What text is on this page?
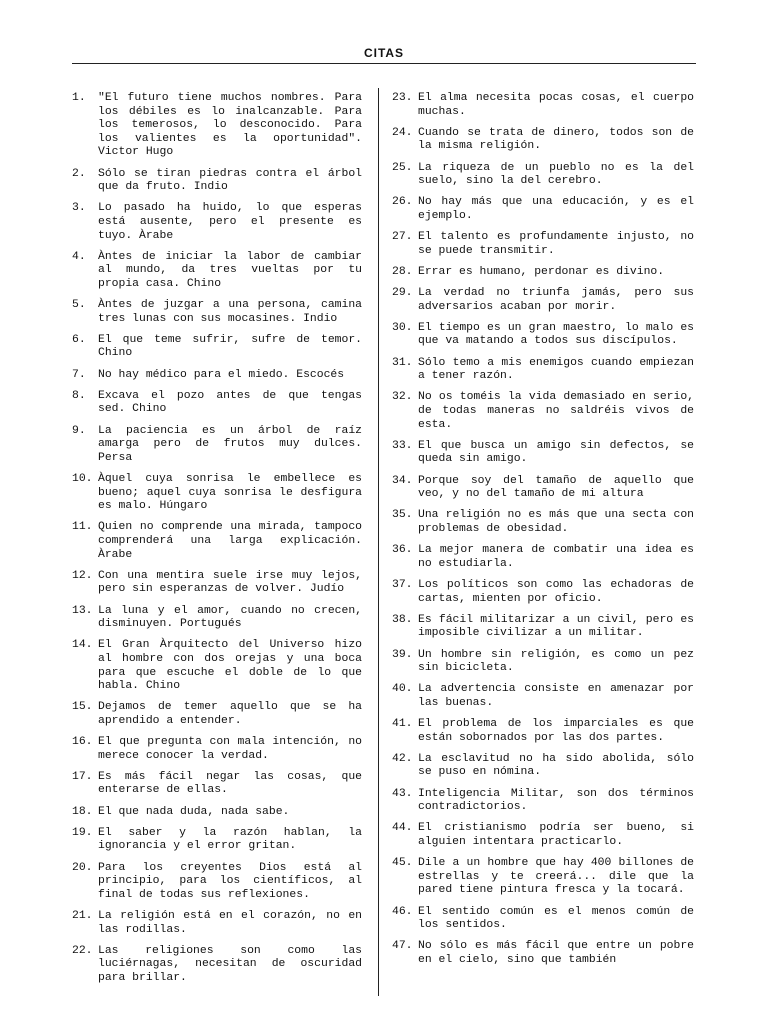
CITAS
1. "El futuro tiene muchos nombres. Para los débiles es lo inalcanzable. Para los temerosos, lo desconocido. Para los valientes es la oportunidad". Victor Hugo
2. Sólo se tiran piedras contra el árbol que da fruto. Indio
3. Lo pasado ha huido, lo que esperas está ausente, pero el presente es tuyo. Àrabe
4. Àntes de iniciar la labor de cambiar al mundo, da tres vueltas por tu propia casa. Chino
5. Àntes de juzgar a una persona, camina tres lunas con sus mocasines. Indio
6. El que teme sufrir, sufre de temor. Chino
7. No hay médico para el miedo. Escocés
8. Excava el pozo antes de que tengas sed. Chino
9. La paciencia es un árbol de raíz amarga pero de frutos muy dulces. Persa
10. Àquel cuya sonrisa le embellece es bueno; aquel cuya sonrisa le desfigura es malo. Húngaro
11. Quien no comprende una mirada, tampoco comprenderá una larga explicación. Àrabe
12. Con una mentira suele irse muy lejos, pero sin esperanzas de volver. Judío
13. La luna y el amor, cuando no crecen, disminuyen. Portugués
14. El Gran Àrquitecto del Universo hizo al hombre con dos orejas y una boca para que escuche el doble de lo que habla. Chino
15. Dejamos de temer aquello que se ha aprendido a entender.
16. El que pregunta con mala intención, no merece conocer la verdad.
17. Es más fácil negar las cosas, que enterarse de ellas.
18. El que nada duda, nada sabe.
19. El saber y la razón hablan, la ignorancia y el error gritan.
20. Para los creyentes Dios está al principio, para los científicos, al final de todas sus reflexiones.
21. La religión está en el corazón, no en las rodillas.
22. Las religiones son como las luciérnagas, necesitan de oscuridad para brillar.
23. El alma necesita pocas cosas, el cuerpo muchas.
24. Cuando se trata de dinero, todos son de la misma religión.
25. La riqueza de un pueblo no es la del suelo, sino la del cerebro.
26. No hay más que una educación, y es el ejemplo.
27. El talento es profundamente injusto, no se puede transmitir.
28. Errar es humano, perdonar es divino.
29. La verdad no triunfa jamás, pero sus adversarios acaban por morir.
30. El tiempo es un gran maestro, lo malo es que va matando a todos sus discípulos.
31. Sólo temo a mis enemigos cuando empiezan a tener razón.
32. No os toméis la vida demasiado en serio, de todas maneras no saldréis vivos de esta.
33. El que busca un amigo sin defectos, se queda sin amigo.
34. Porque soy del tamaño de aquello que veo, y no del tamaño de mi altura
35. Una religión no es más que una secta con problemas de obesidad.
36. La mejor manera de combatir una idea es no estudiarla.
37. Los políticos son como las echadoras de cartas, mienten por oficio.
38. Es fácil militarizar a un civil, pero es imposible civilizar a un militar.
39. Un hombre sin religión, es como un pez sin bicicleta.
40. La advertencia consiste en amenazar por las buenas.
41. El problema de los imparciales es que están sobornados por las dos partes.
42. La esclavitud no ha sido abolida, sólo se puso en nómina.
43. Inteligencia Militar, son dos términos contradictorios.
44. El cristianismo podría ser bueno, si alguien intentara practicarlo.
45. Dile a un hombre que hay 400 billones de estrellas y te creerá... dile que la pared tiene pintura fresca y la tocará.
46. El sentido común es el menos común de los sentidos.
47. No sólo es más fácil que entre un pobre en el cielo, sino que también
